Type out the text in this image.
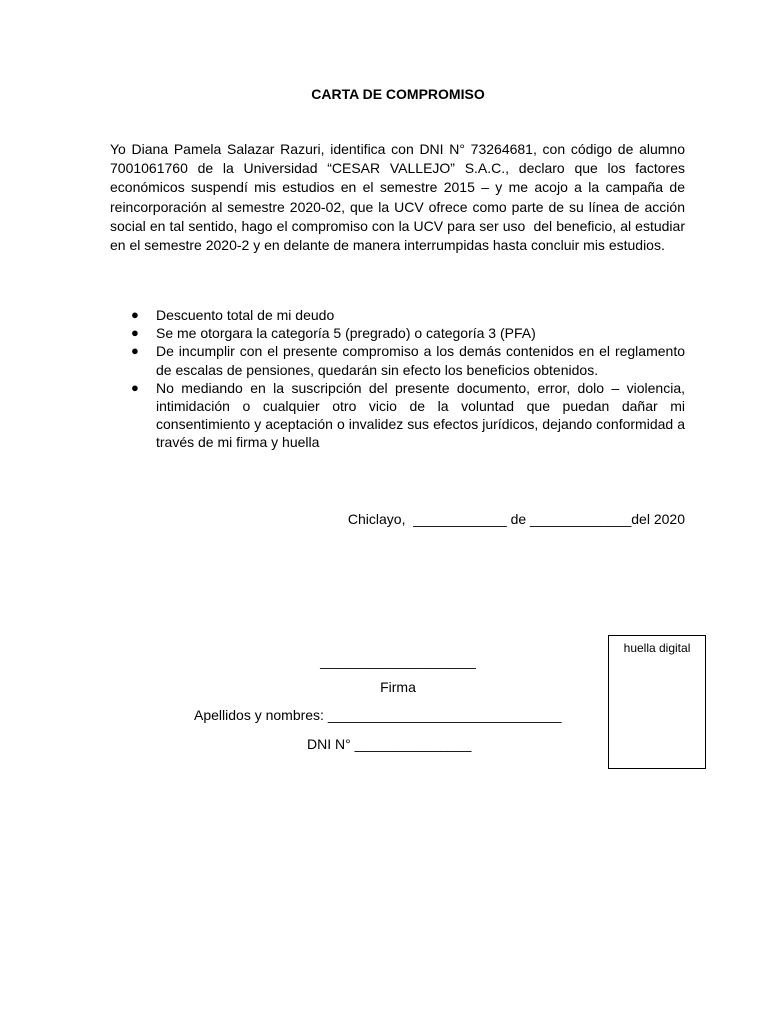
CARTA DE COMPROMISO

Yo Diana Pamela Salazar Razuri, identifica con DNI N° 73264681, con código de alumno 7001061760 de la Universidad “CESAR VALLEJO” S.A.C., declaro que los factores económicos suspendí mis estudios en el semestre 2015 – y me acojo a la campaña de reincorporación al semestre 2020-02, que la UCV ofrece como parte de su línea de acción social en tal sentido, hago el compromiso con la UCV para ser uso  del beneficio, al estudiar en el semestre 2020-2 y en delante de manera interrumpidas hasta concluir mis estudios.

● Descuento total de mi deudo
● Se me otorgara la categoría 5 (pregrado) o categoría 3 (PFA)
● De incumplir con el presente compromiso a los demás contenidos en el reglamento de escalas de pensiones, quedarán sin efecto los beneficios obtenidos.
● No mediando en la suscripción del presente documento, error, dolo – violencia, intimidación o cualquier otro vicio de la voluntad que puedan dañar mi consentimiento y aceptación o invalidez sus efectos jurídicos, dejando conformidad a través de mi firma y huella

Chiclayo,  ____________ de _____________del 2020

____________________

Firma

Apellidos y nombres: ______________________________

DNI N° _______________

huella digital
